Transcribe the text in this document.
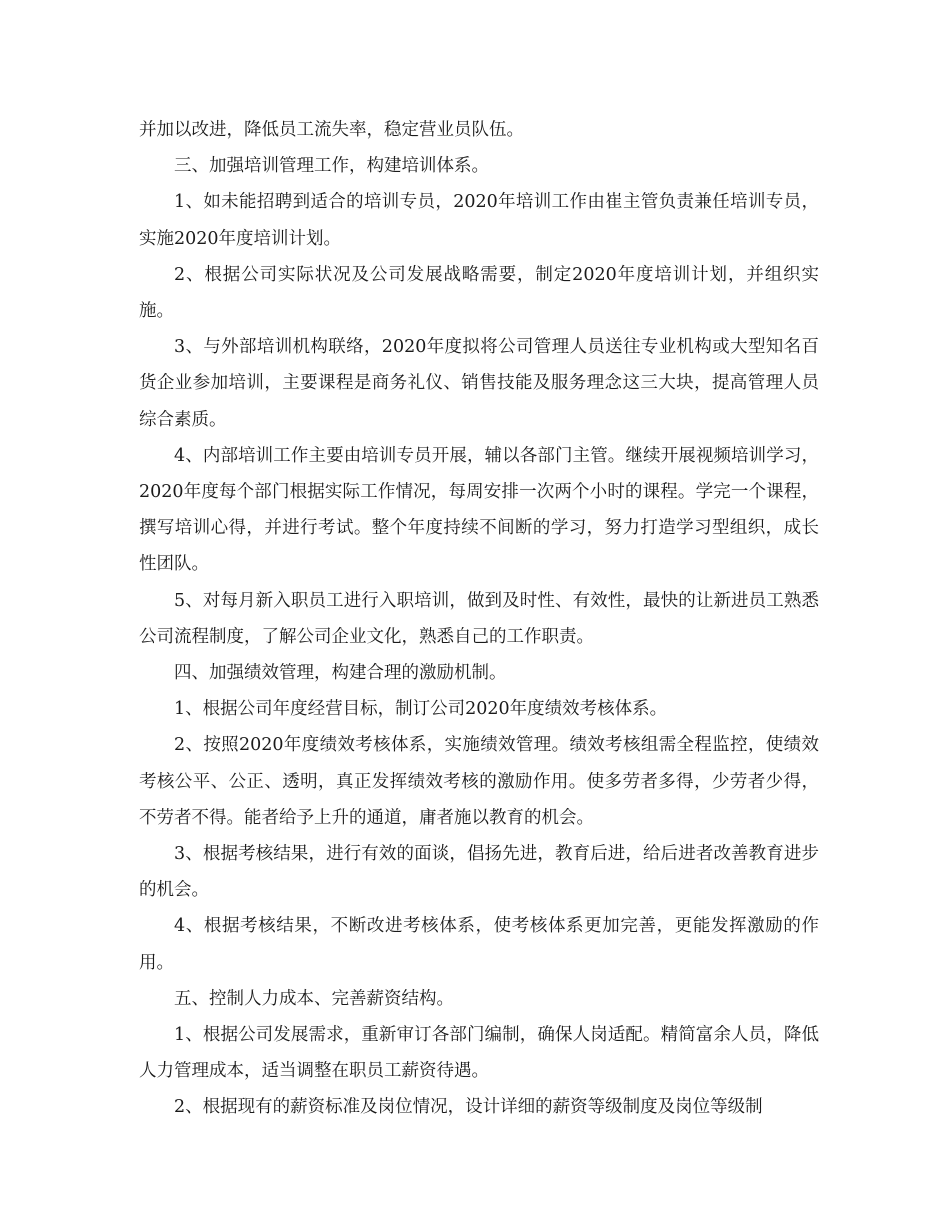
并加以改进，降低员工流失率，稳定营业员队伍。

三、加强培训管理工作，构建培训体系。

1、如未能招聘到适合的培训专员，2020年培训工作由崔主管负责兼任培训专员，实施2020年度培训计划。

2、根据公司实际状况及公司发展战略需要，制定2020年度培训计划，并组织实施。

3、与外部培训机构联络，2020年度拟将公司管理人员送往专业机构或大型知名百货企业参加培训，主要课程是商务礼仪、销售技能及服务理念这三大块，提高管理人员综合素质。

4、内部培训工作主要由培训专员开展，辅以各部门主管。继续开展视频培训学习，2020年度每个部门根据实际工作情况，每周安排一次两个小时的课程。学完一个课程，撰写培训心得，并进行考试。整个年度持续不间断的学习，努力打造学习型组织，成长性团队。

5、对每月新入职员工进行入职培训，做到及时性、有效性，最快的让新进员工熟悉公司流程制度，了解公司企业文化，熟悉自己的工作职责。

四、加强绩效管理，构建合理的激励机制。

1、根据公司年度经营目标，制订公司2020年度绩效考核体系。

2、按照2020年度绩效考核体系，实施绩效管理。绩效考核组需全程监控，使绩效考核公平、公正、透明，真正发挥绩效考核的激励作用。使多劳者多得，少劳者少得，不劳者不得。能者给予上升的通道，庸者施以教育的机会。

3、根据考核结果，进行有效的面谈，倡扬先进，教育后进，给后进者改善教育进步的机会。

4、根据考核结果，不断改进考核体系，使考核体系更加完善，更能发挥激励的作用。

五、控制人力成本、完善薪资结构。

1、根据公司发展需求，重新审订各部门编制，确保人岗适配。精简富余人员，降低人力管理成本，适当调整在职员工薪资待遇。

2、根据现有的薪资标准及岗位情况，设计详细的薪资等级制度及岗位等级制
